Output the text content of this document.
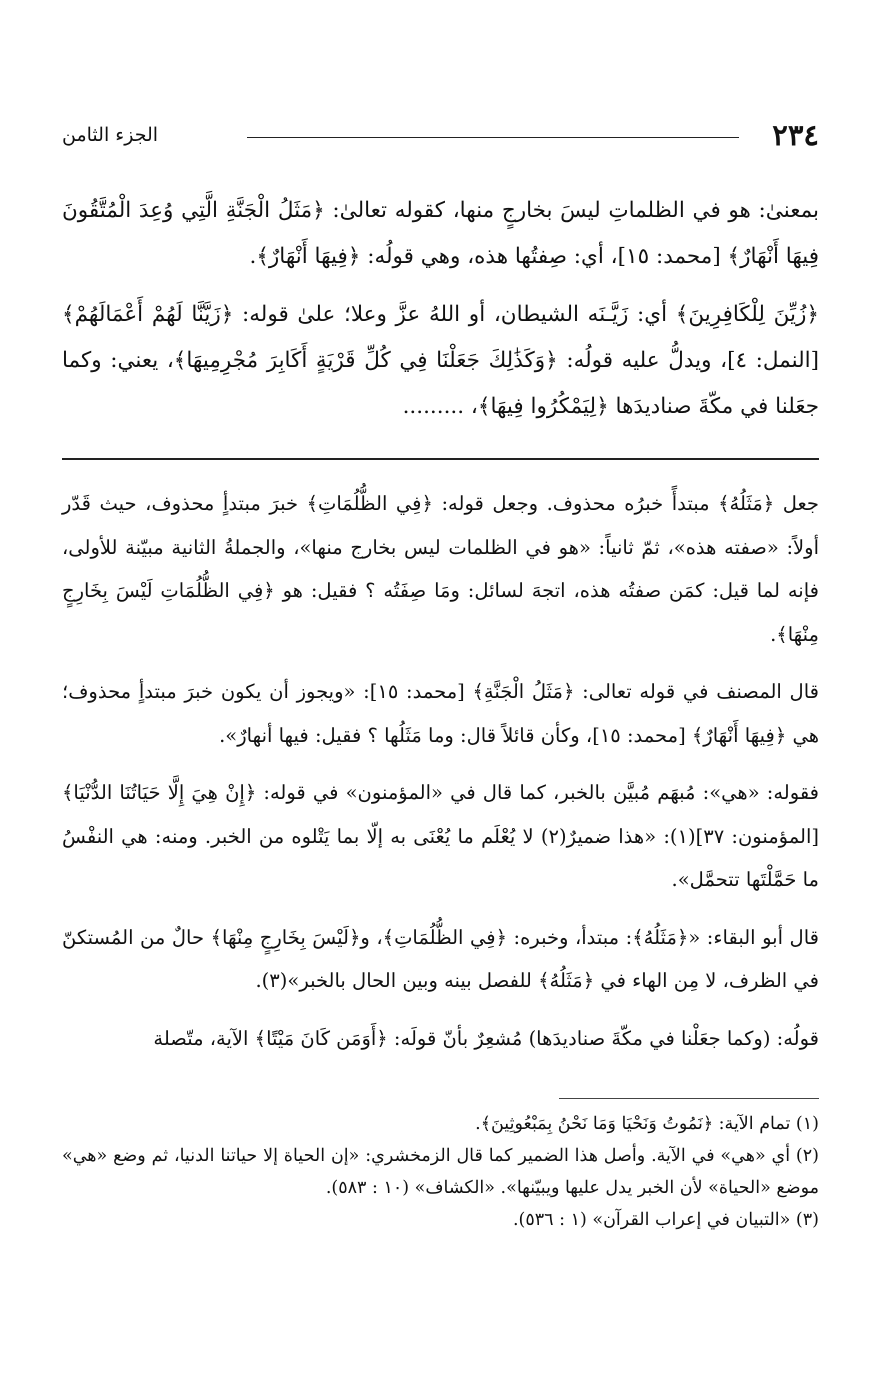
٢٣٤
الجزء الثامن

بمعنىٰ: هو في الظلماتِ ليسَ بخارجٍ منها، كقوله تعالىٰ: ﴿مَثَلُ الْجَنَّةِ الَّتِي وُعِدَ الْمُتَّقُونَ فِيهَا أَنْهَارٌ﴾ [محمد: ١٥]، أي: صِفتُها هذه، وهي قولُه: ﴿فِيهَا أَنْهَارٌ﴾.

﴿زُيِّنَ لِلْكَافِرِينَ﴾ أي: زَيَّـنَه الشيطان، أو اللهُ عزَّ وعلا؛ علىٰ قوله: ﴿زَيَّنَّا لَهُمْ أَعْمَالَهُمْ﴾ [النمل: ٤]، ويدلُّ عليه قولُه: ﴿وَكَذَٰلِكَ جَعَلْنَا فِي كُلِّ قَرْيَةٍ أَكَابِرَ مُجْرِمِيهَا﴾، يعني: وكما جعَلنا في مكّةَ صناديدَها ﴿لِيَمْكُرُوا فِيهَا﴾، .........

جعل ﴿مَثَلُهُ﴾ مبتدأً خبرُه محذوف. وجعل قوله: ﴿فِي الظُّلُمَاتِ﴾ خبرَ مبتدأٍ محذوف، حيث قَدّر أولاً: «صفته هذه»، ثمّ ثانياً: «هو في الظلمات ليس بخارج منها»، والجملةُ الثانية مبيّنة للأولى، فإنه لما قيل: كمَن صفتُه هذه، اتجهَ لسائل: ومَا صِفَتُه ؟ فقيل: هو ﴿فِي الظُّلُمَاتِ لَيْسَ بِخَارِجٍ مِنْهَا﴾.

قال المصنف في قوله تعالى: ﴿مَثَلُ الْجَنَّةِ﴾ [محمد: ١٥]: «ويجوز أن يكون خبرَ مبتدأٍ محذوف؛ هي ﴿فِيهَا أَنْهَارٌ﴾ [محمد: ١٥]، وكأن قائلاً قال: وما مَثَلُها ؟ فقيل: فيها أنهارٌ».

فقوله: «هي»: مُبهَم مُبيَّن بالخبر، كما قال في «المؤمنون» في قوله: ﴿إِنْ هِيَ إِلَّا حَيَاتُنَا الدُّنْيَا﴾ [المؤمنون: ٣٧](١): «هذا ضميرٌ(٢) لا يُعْلَم ما يُعْنَى به إلّا بما يَتْلوه من الخبر. ومنه: هي النفْسُ ما حَمَّلْتَها تتحمَّل».

قال أبو البقاء: «﴿مَثَلُهُ﴾: مبتدأ، وخبره: ﴿فِي الظُّلُمَاتِ﴾، و﴿لَيْسَ بِخَارِجٍ مِنْهَا﴾ حالٌ من المُستكنّ في الظرف، لا مِن الهاء في ﴿مَثَلُهُ﴾ للفصل بينه وبين الحال بالخبر»(٣).

قولُه: (وكما جعَلْنا في مكّةَ صناديدَها) مُشعِرٌ بأنّ قولَه: ﴿أَوَمَن كَانَ مَيْتًا﴾ الآية، متّصلة

(١) تمام الآية: ﴿نَمُوتُ وَنَحْيَا وَمَا نَحْنُ بِمَبْعُوثِينَ﴾.

(٢) أي «هي» في الآية. وأصل هذا الضمير كما قال الزمخشري: «إن الحياة إلا حياتنا الدنيا، ثم وضع «هي» موضع «الحياة» لأن الخبر يدل عليها ويبيّنها». «الكشاف» (١٠ : ٥٨٣).

(٣) «التبيان في إعراب القرآن» (١ : ٥٣٦).
